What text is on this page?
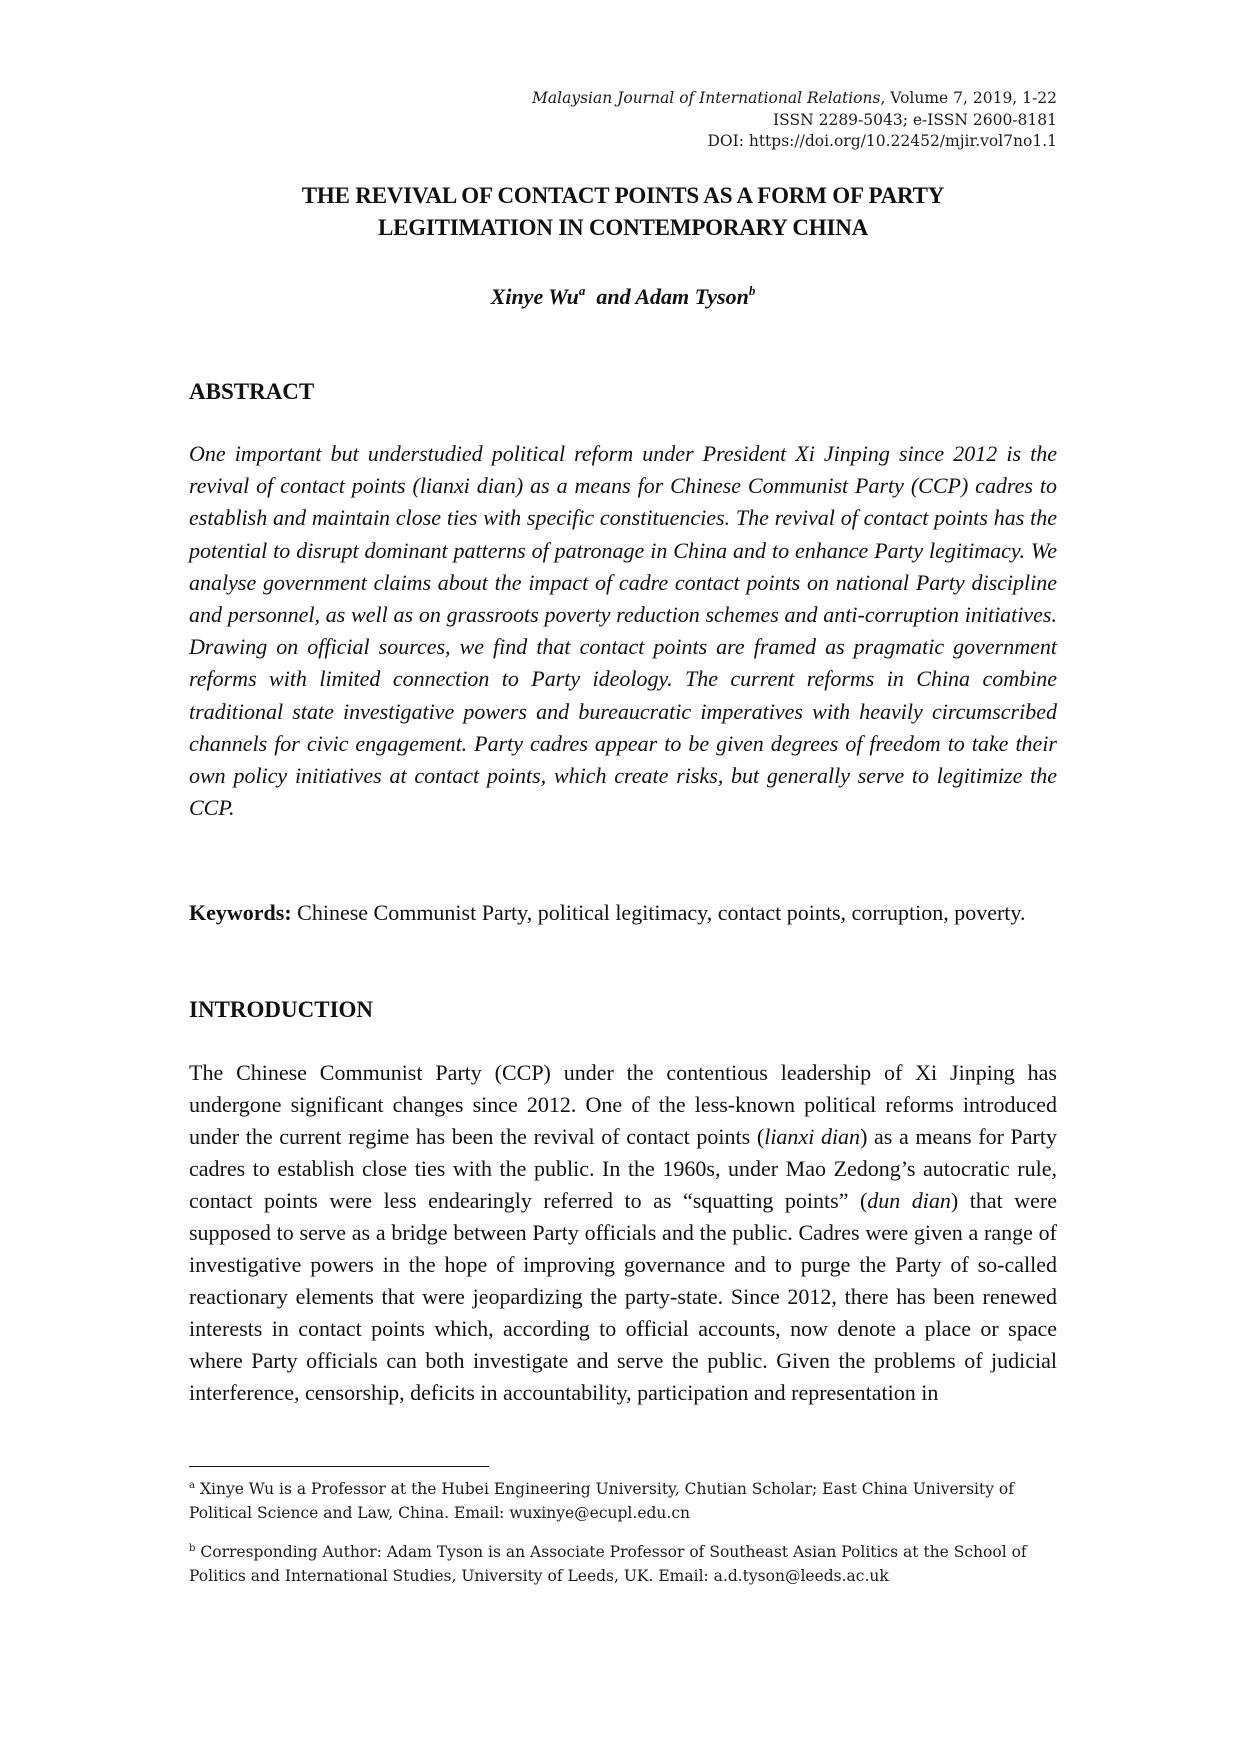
Malaysian Journal of International Relations, Volume 7, 2019, 1-22
ISSN 2289-5043; e-ISSN 2600-8181
DOI: https://doi.org/10.22452/mjir.vol7no1.1
THE REVIVAL OF CONTACT POINTS AS A FORM OF PARTY
LEGITIMATION IN CONTEMPORARY CHINA
Xinye Wu$^a$ and Adam Tyson$^b$
ABSTRACT
One important but understudied political reform under President Xi Jinping since 2012 is the revival of contact points (lianxi dian) as a means for Chinese Communist Party (CCP) cadres to establish and maintain close ties with specific constituencies. The revival of contact points has the potential to disrupt dominant patterns of patronage in China and to enhance Party legitimacy. We analyse government claims about the impact of cadre contact points on national Party discipline and personnel, as well as on grassroots poverty reduction schemes and anti-corruption initiatives. Drawing on official sources, we find that contact points are framed as pragmatic government reforms with limited connection to Party ideology. The current reforms in China combine traditional state investigative powers and bureaucratic imperatives with heavily circumscribed channels for civic engagement. Party cadres appear to be given degrees of freedom to take their own policy initiatives at contact points, which create risks, but generally serve to legitimize the CCP.
Keywords: Chinese Communist Party, political legitimacy, contact points, corruption, poverty.
INTRODUCTION
The Chinese Communist Party (CCP) under the contentious leadership of Xi Jinping has undergone significant changes since 2012. One of the less-known political reforms introduced under the current regime has been the revival of contact points (lianxi dian) as a means for Party cadres to establish close ties with the public. In the 1960s, under Mao Zedong’s autocratic rule, contact points were less endearingly referred to as “squatting points” (dun dian) that were supposed to serve as a bridge between Party officials and the public. Cadres were given a range of investigative powers in the hope of improving governance and to purge the Party of so-called reactionary elements that were jeopardizing the party-state. Since 2012, there has been renewed interests in contact points which, according to official accounts, now denote a place or space where Party officials can both investigate and serve the public. Given the problems of judicial interference, censorship, deficits in accountability, participation and representation in
$^a$ Xinye Wu is a Professor at the Hubei Engineering University, Chutian Scholar; East China University of Political Science and Law, China. Email: wuxinye@ecupl.edu.cn
$^b$ Corresponding Author: Adam Tyson is an Associate Professor of Southeast Asian Politics at the School of Politics and International Studies, University of Leeds, UK. Email: a.d.tyson@leeds.ac.uk
